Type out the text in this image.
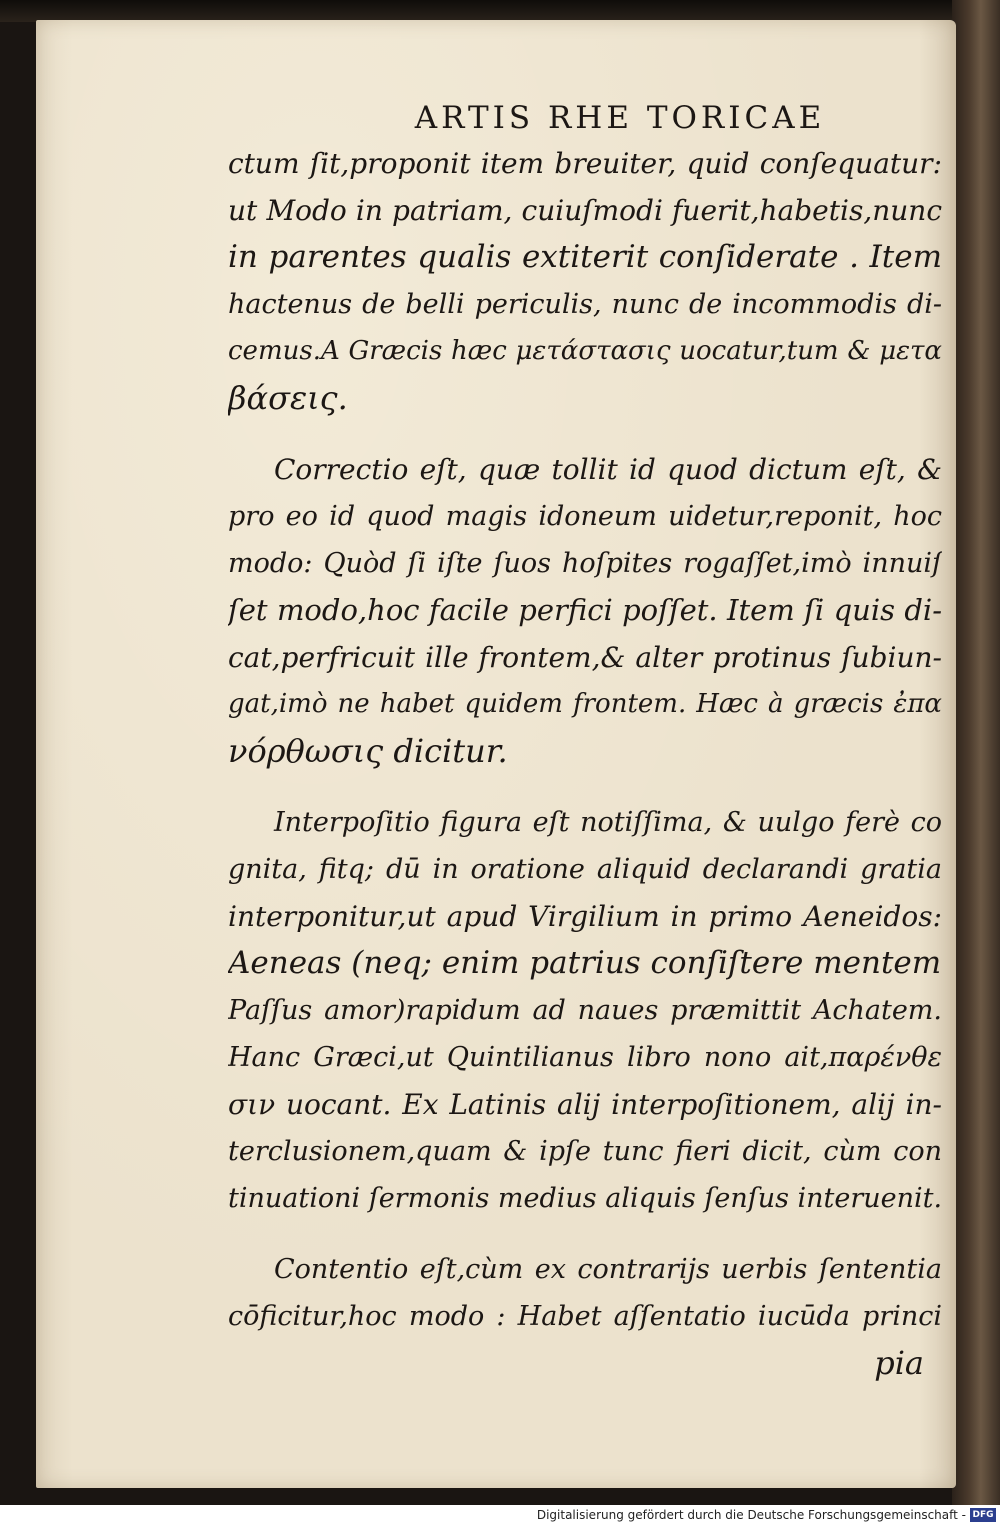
ARTIS RHE TORICAE
ctum ſit,proponit item breuiter, quid conſequatur:
ut Modo in patriam, cuiuſmodi fuerit,habetis,nunc
in parentes qualis extiterit conſiderate . Item
hactenus de belli periculis, nunc de incommodis di-
cemus.A Græcis hæc μετάστασις uocatur,tum & μετα
βάσεις.
Correctio eſt, quæ tollit id quod dictum eſt, &
pro eo id quod magis idoneum uidetur,reponit, hoc
modo: Quòd ſi iſte ſuos hoſpites rogaſſet,imò innuiſ
ſet modo,hoc facile perfici poſſet. Item ſi quis di-
cat,perfricuit ille frontem,& alter protinus ſubiun-
gat,imò ne habet quidem frontem. Hæc à græcis ἐπα
νόρθωσις dicitur.
Interpoſitio figura eſt notiſſima, & uulgo ferè co
gnita, fitq; dū in oratione aliquid declarandi gratia
interponitur,ut apud Virgilium in primo Aeneidos:
Aeneas (neq; enim patrius conſiſtere mentem
Paſſus amor)rapidum ad naues præmittit Achatem.
Hanc Græci,ut Quintilianus libro nono ait,παρένθε
σιν uocant. Ex Latinis alij interpoſitionem, alij in-
terclusionem,quam & ipſe tunc fieri dicit, cùm con
tinuationi ſermonis medius aliquis ſenſus interuenit.
Contentio eſt,cùm ex contrarijs uerbis ſententia
cōficitur,hoc modo : Habet aſſentatio iucūda princi
pia
Digitalisierung gefördert durch die Deutsche Forschungsgemeinschaft - DFG
